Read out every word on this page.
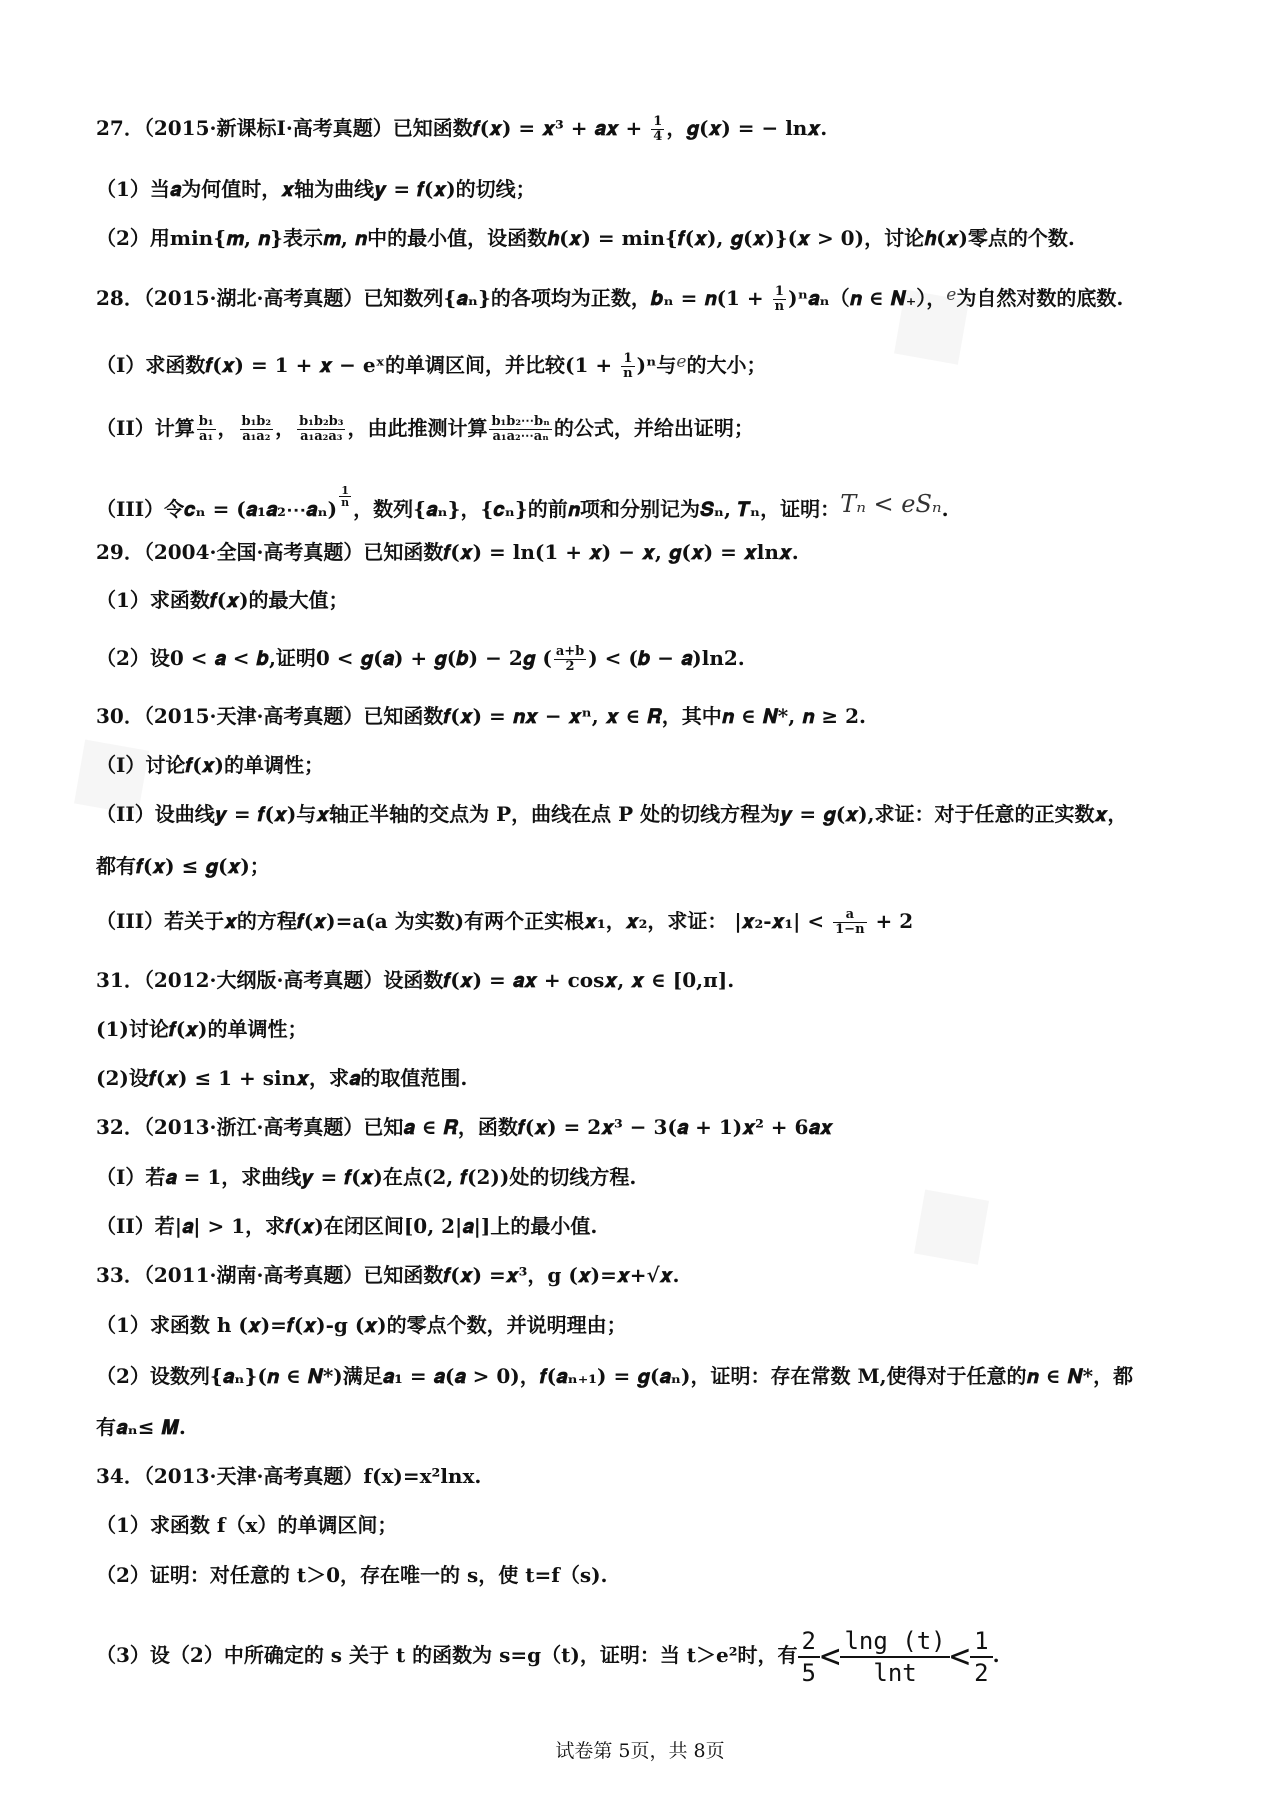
27．（2015·新课标I·高考真题）已知函数𝒇(𝒙) = 𝒙³ + 𝒂𝒙 + $\frac{1}{4}$ ，𝒈(𝒙) = − 𝐥𝐧𝒙.
（1）当𝒂为何值时，𝒙轴为曲线𝒚 = 𝒇(𝒙)的切线；
（2）用𝐦𝐢𝐧{𝒎, 𝒏}表示𝒎, 𝒏中的最小值，设函数𝒉(𝒙) = 𝐦𝐢𝐧{𝒇(𝒙), 𝒈(𝒙)}(𝒙 > 𝟎)，讨论𝒉(𝒙)零点的个数.
28．（2015·湖北·高考真题）已知数列{𝒂ₙ}的各项均为正数，𝒃ₙ = 𝒏(𝟏 + $\frac{1}{n}$ )ⁿ𝒂ₙ（𝒏 ∈ 𝑵₊），$^e$为自然对数的底数.
（I）求函数𝒇(𝒙) = 𝟏 + 𝒙 − 𝐞ˣ的单调区间，并比较(𝟏 + $\frac{1}{n} )^n$与$^e$的大小；
（II）计算 $\frac{\text{b₁}}{\text{a₁}}$ ， $\frac{\text{b₁b₂}}{\text{a₁a₂}}$ ， $\frac{\text{b₁b₂b₃}}{\text{a₁a₂a₃}}$ ，由此推测计算 $\frac{\text{b₁b₂⋯bₙ}}{\text{a₁a₂⋯aₙ}}$ 的公式，并给出证明；
（III）令𝒄ₙ = (𝒂₁𝒂₂⋯𝒂ₙ)
$\frac{1}{n}$
，数列{𝒂ₙ}，{𝒄ₙ}的前𝒏项和分别记为𝑺ₙ, 𝑻ₙ，证明：Tₙ < eSₙ.
29．（2004·全国·高考真题）已知函数𝒇(𝒙) = 𝐥𝐧(𝟏 + 𝒙) − 𝒙, 𝒈(𝒙) = 𝒙𝐥𝐧𝒙.
（1）求函数𝒇(𝒙)的最大值；
（2）设𝟎 < 𝒂 < 𝒃,证明𝟎 < 𝒈(𝒂) + 𝒈(𝒃) − 𝟐𝒈 ( $\frac{a+b}{2}$ ) < (𝒃 − 𝒂)𝐥𝐧𝟐.
30．（2015·天津·高考真题）已知函数𝒇(𝒙) = 𝒏𝒙 − 𝒙ⁿ, 𝒙 ∈ 𝑹，其中𝒏 ∈ 𝑵*, 𝒏 ≥ 𝟐.
（I）讨论𝒇(𝒙)的单调性；
（II）设曲线𝒚 = 𝒇(𝒙)与𝒙轴正半轴的交点为 P，曲线在点 P 处的切线方程为𝒚 = 𝒈(𝒙),求证：对于任意的正实数𝒙，
都有𝒇(𝒙) ≤ 𝒈(𝒙)；
（III）若关于𝒙的方程𝒇(𝒙)=a(a 为实数)有两个正实根𝒙₁，𝒙₂，求证： |𝒙₂-𝒙₁| < $\frac{a}{1-n}$ + 𝟐
31．（2012·大纲版·高考真题）设函数𝒇(𝒙) = 𝒂𝒙 + 𝐜𝐨𝐬𝒙, 𝒙 ∈ [𝟎,π].
(1)讨论𝒇(𝒙)的单调性；
(2)设𝒇(𝒙) ≤ 𝟏 + 𝐬𝐢𝐧𝒙，求𝒂的取值范围.
32．（2013·浙江·高考真题）已知𝒂 ∈ 𝑹，函数𝒇(𝒙) = 𝟐𝒙³ − 𝟑(𝒂 + 𝟏)𝒙² + 𝟔𝒂𝒙
（I）若𝒂 = 𝟏，求曲线𝒚 = 𝒇(𝒙)在点(𝟐, 𝒇(𝟐))处的切线方程.
（II）若|𝒂| > 𝟏，求𝒇(𝒙)在闭区间[𝟎, 𝟐|𝒂|]上的最小值.
33．（2011·湖南·高考真题）已知函数𝒇(𝒙) =𝒙³，g (𝒙)=𝒙+√𝒙.
（1）求函数 h (𝒙)=𝒇(𝒙)-g (𝒙)的零点个数，并说明理由；
（2）设数列{𝒂ₙ}(𝒏 ∈ 𝑵*)满足𝒂₁ = 𝒂(𝒂 > 𝟎)，𝒇(𝒂ₙ₊₁) = 𝒈(𝒂ₙ)，证明：存在常数 M,使得对于任意的𝒏 ∈ 𝑵*，都
有𝒂ₙ≤ 𝑴.
34．（2013·天津·高考真题）f(x)=x²lnx.
（1）求函数 f（x）的单调区间；
（2）证明：对任意的 t＞0，存在唯一的 s，使 t=f（s).
（3）设（2）中所确定的 s 关于 t 的函数为 s=g（t)，证明：当 t＞e²时，有 $\frac{2}{5} < \frac{\ln g (t)}{\ln t} < \frac{1}{2}$ .
试卷第 5页，共 8页
